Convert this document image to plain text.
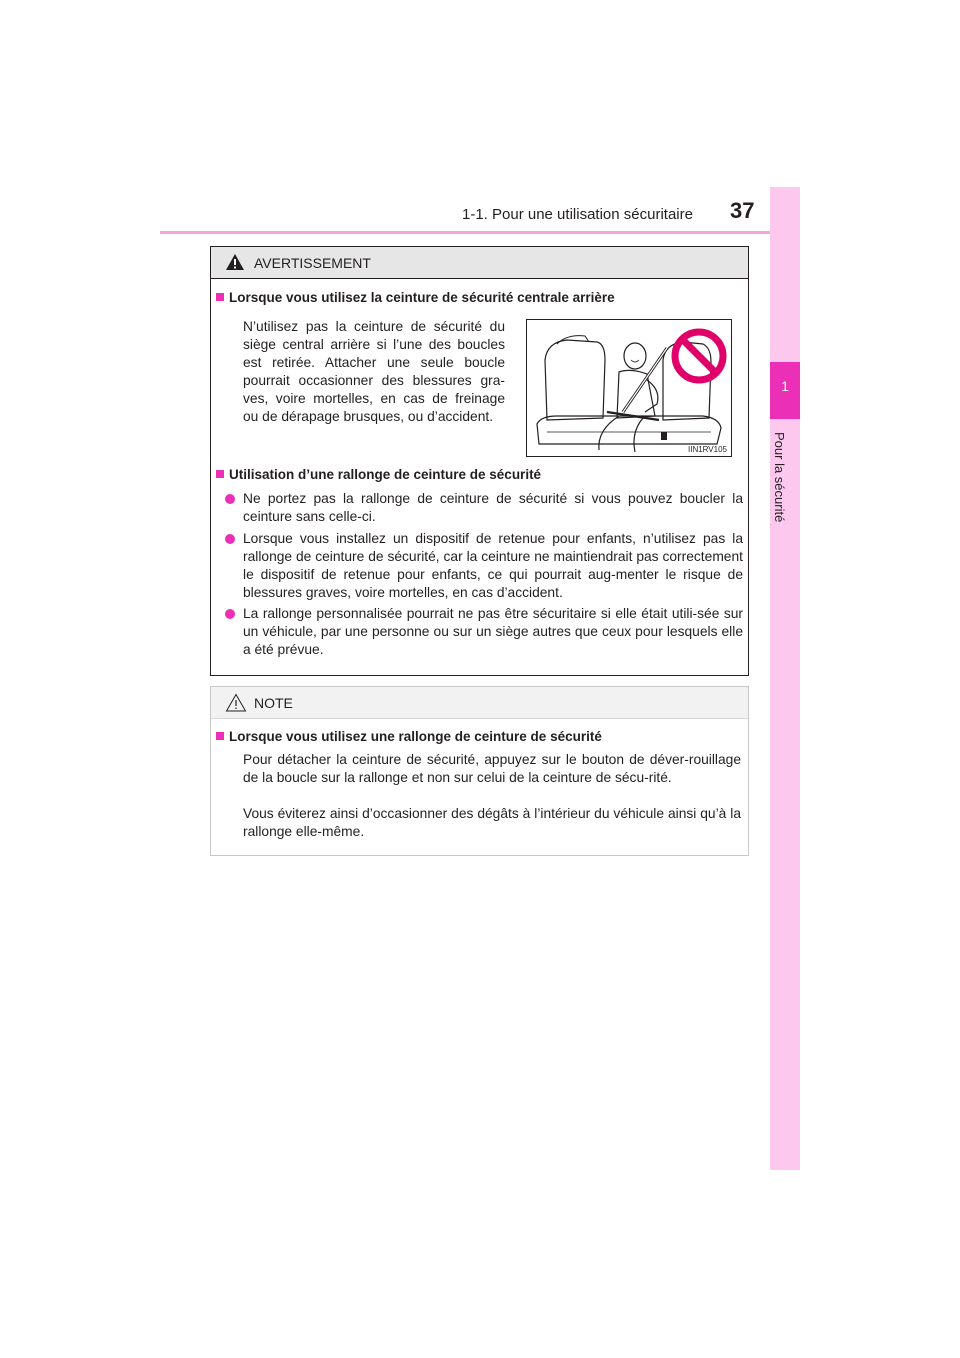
1-1. Pour une utilisation sécuritaire 37
1
Pour la sécurité
AVERTISSEMENT
Lorsque vous utilisez la ceinture de sécurité centrale arrière
N’utilisez pas la ceinture de sécurité du
siège central arrière si l’une des boucles
est retirée. Attacher une seule boucle
pourrait occasionner des blessures gra-
ves, voire mortelles, en cas de freinage
ou de dérapage brusques, ou d’accident.
IIN1RV105
Utilisation d’une rallonge de ceinture de sécurité
Ne portez pas la rallonge de ceinture de sécurité si vous pouvez boucler la ceinture sans celle-ci.
Lorsque vous installez un dispositif de retenue pour enfants, n’utilisez pas la rallonge de ceinture de sécurité, car la ceinture ne maintiendrait pas correctement le dispositif de retenue pour enfants, ce qui pourrait aug-menter le risque de blessures graves, voire mortelles, en cas d’accident.
La rallonge personnalisée pourrait ne pas être sécuritaire si elle était utili-sée sur un véhicule, par une personne ou sur un siège autres que ceux pour lesquels elle a été prévue.
NOTE
Lorsque vous utilisez une rallonge de ceinture de sécurité
Pour détacher la ceinture de sécurité, appuyez sur le bouton de déver-rouillage de la boucle sur la rallonge et non sur celui de la ceinture de sécu-rité.
Vous éviterez ainsi d’occasionner des dégâts à l’intérieur du véhicule ainsi qu’à la rallonge elle-même.
